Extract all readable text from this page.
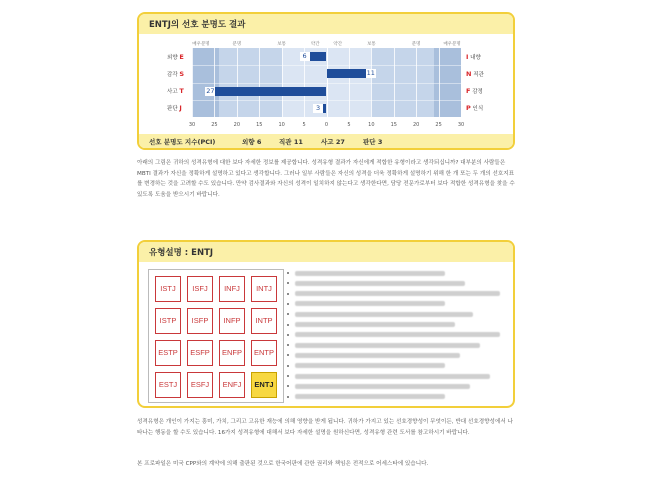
ENTJ의 선호 분명도 결과
매우분명	분명	보통	약간	약간	보통	분명	매우분명
6
11
27
3
외향 E	I 내향
감각 S	N 직관
사고 T	F 감정
판단 J	P 인식
30	25	20	15	10	5	0	5	10	15	20	25	30
선호 분명도 지수(PCI)	외향 6	직관 11	사고 27	판단 3

아래의 그림은 귀하의 성격유형에 대한 보다 자세한 정보를 제공합니다. 성격유형 결과가 자신에게 적합한 유형이라고 생각되십니까? 대부분의 사람들은 MBTI 결과가 자신을 정확하게 설명하고 있다고 생각합니다. 그러나 일부 사람들은 자신의 성격을 더욱 정확하게 설명하기 위해 한 개 또는 두 개의 선호지표를 변경하는 것을 고려할 수도 있습니다. 만약 검사결과와 자신의 성격이 일치하지 않는다고 생각한다면, 담당 전문가로부터 보다 적합한 성격유형을 찾을 수 있도록 도움을 받으시기 바랍니다.

유형설명 : ENTJ
ISTJ	ISFJ	INFJ	INTJ
ISTP	ISFP	INFP	INTP
ESTP	ESFP	ENFP	ENTP
ESTJ	ESFJ	ENFJ	ENTJ

성격유형은 개인이 가지는 흥미, 가치, 그리고 고유한 재능에 의해 영향을 받게 됩니다. 귀하가 가지고 있는 선호경향성이 무엇이든, 반대 선호경향성에서 나타나는 행동을 할 수도 있습니다. 16가지 성격유형에 대해서 보다 자세한 설명을 원하신다면, 성격유형 관련 도서를 참고하시기 바랍니다.

본 프로파일은 미국 CPP와의 계약에 의해 출판된 것으로 한국어판에 관한 권리와 책임은 전적으로 어세스타에 있습니다.
